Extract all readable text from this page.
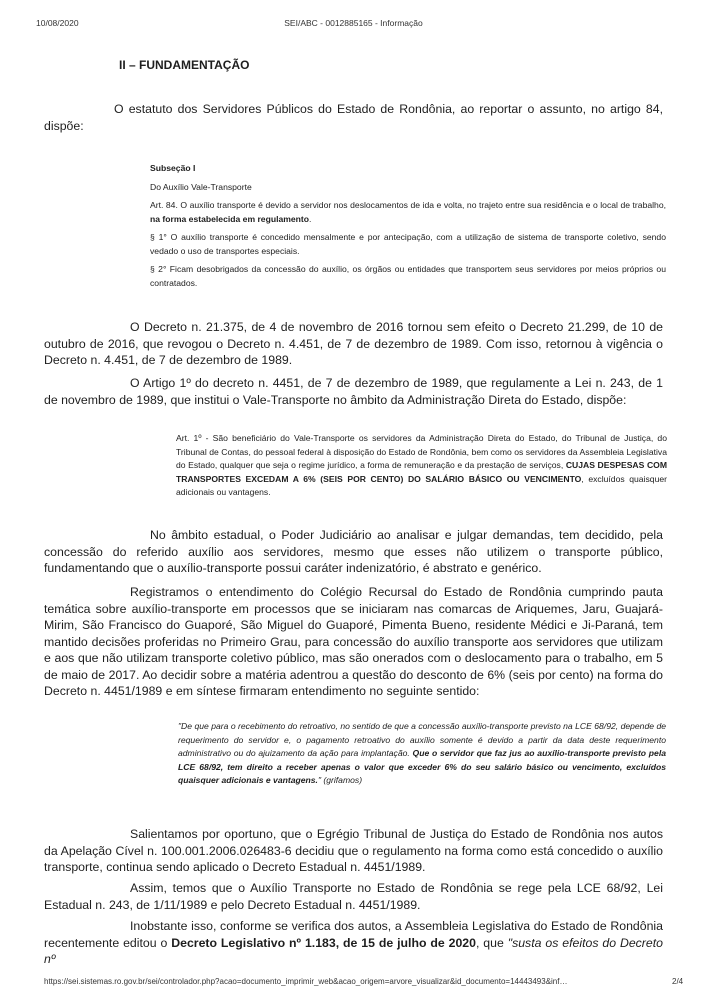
10/08/2020	SEI/ABC - 0012885165 - Informação
II – FUNDAMENTAÇÃO
O estatuto dos Servidores Públicos do Estado de Rondônia, ao reportar o assunto, no artigo 84, dispõe:

Subseção I

Do Auxílio Vale-Transporte

Art. 84. O auxílio transporte é devido a servidor nos deslocamentos de ida e volta, no trajeto entre sua residência e o local de trabalho, na forma estabelecida em regulamento.

§ 1° O auxílio transporte é concedido mensalmente e por antecipação, com a utilização de sistema de transporte coletivo, sendo vedado o uso de transportes especiais.

§ 2° Ficam desobrigados da concessão do auxílio, os órgãos ou entidades que transportem seus servidores por meios próprios ou contratados.

O Decreto n. 21.375, de 4 de novembro de 2016 tornou sem efeito o Decreto 21.299, de 10 de outubro de 2016, que revogou o Decreto n. 4.451, de 7 de dezembro de 1989. Com isso, retornou à vigência o Decreto n. 4.451, de 7 de dezembro de 1989.
O Artigo 1º do decreto n. 4451, de 7 de dezembro de 1989, que regulamente a Lei n. 243, de 1 de novembro de 1989, que institui o Vale-Transporte no âmbito da Administração Direta do Estado, dispõe:
Art. 1º - São beneficiário do Vale-Transporte os servidores da Administração Direta do Estado, do Tribunal de Justiça, do Tribunal de Contas, do pessoal federal à disposição do Estado de Rondônia, bem como os servidores da Assembleia Legislativa do Estado, qualquer que seja o regime jurídico, a forma de remuneração e da prestação de serviços, CUJAS DESPESAS COM TRANSPORTES EXCEDAM A 6% (SEIS POR CENTO) DO SALÁRIO BÁSICO OU VENCIMENTO, excluídos quaisquer adicionais ou vantagens.
No âmbito estadual, o Poder Judiciário ao analisar e julgar demandas, tem decidido, pela concessão do referido auxílio aos servidores, mesmo que esses não utilizem o transporte público, fundamentando que o auxílio-transporte possui caráter indenizatório, é abstrato e genérico.
Registramos o entendimento do Colégio Recursal do Estado de Rondônia cumprindo pauta temática sobre auxílio-transporte em processos que se iniciaram nas comarcas de Ariquemes, Jaru, Guajará-Mirim, São Francisco do Guaporé, São Miguel do Guaporé, Pimenta Bueno, residente Médici e Ji-Paraná, tem mantido decisões proferidas no Primeiro Grau, para concessão do auxílio transporte aos servidores que utilizam e aos que não utilizam transporte coletivo público, mas são onerados com o deslocamento para o trabalho, em 5 de maio de 2017. Ao decidir sobre a matéria adentrou a questão do desconto de 6% (seis por cento) na forma do Decreto n. 4451/1989 e em síntese firmaram entendimento no seguinte sentido:
"De que para o recebimento do retroativo, no sentido de que a concessão auxílio-transporte previsto na LCE 68/92, depende de requerimento do servidor e, o pagamento retroativo do auxílio somente é devido a partir da data deste requerimento administrativo ou do ajuizamento da ação para implantação. Que o servidor que faz jus ao auxílio-transporte previsto pela LCE 68/92, tem direito a receber apenas o valor que exceder 6% do seu salário básico ou vencimento, excluídos quaisquer adicionais e vantagens." (grifamos)
Salientamos por oportuno, que o Egrégio Tribunal de Justiça do Estado de Rondônia nos autos da Apelação Cível n. 100.001.2006.026483-6 decidiu que o regulamento na forma como está concedido o auxílio transporte, continua sendo aplicado o Decreto Estadual n. 4451/1989.
Assim, temos que o Auxílio Transporte no Estado de Rondônia se rege pela LCE 68/92, Lei Estadual n. 243, de 1/11/1989 e pelo Decreto Estadual n. 4451/1989.
Inobstante isso, conforme se verifica dos autos, a Assembleia Legislativa do Estado de Rondônia recentemente editou o Decreto Legislativo nº 1.183, de 15 de julho de 2020, que "susta os efeitos do Decreto nº
https://sei.sistemas.ro.gov.br/sei/controlador.php?acao=documento_imprimir_web&acao_origem=arvore_visualizar&id_documento=14443493&inf…	2/4
